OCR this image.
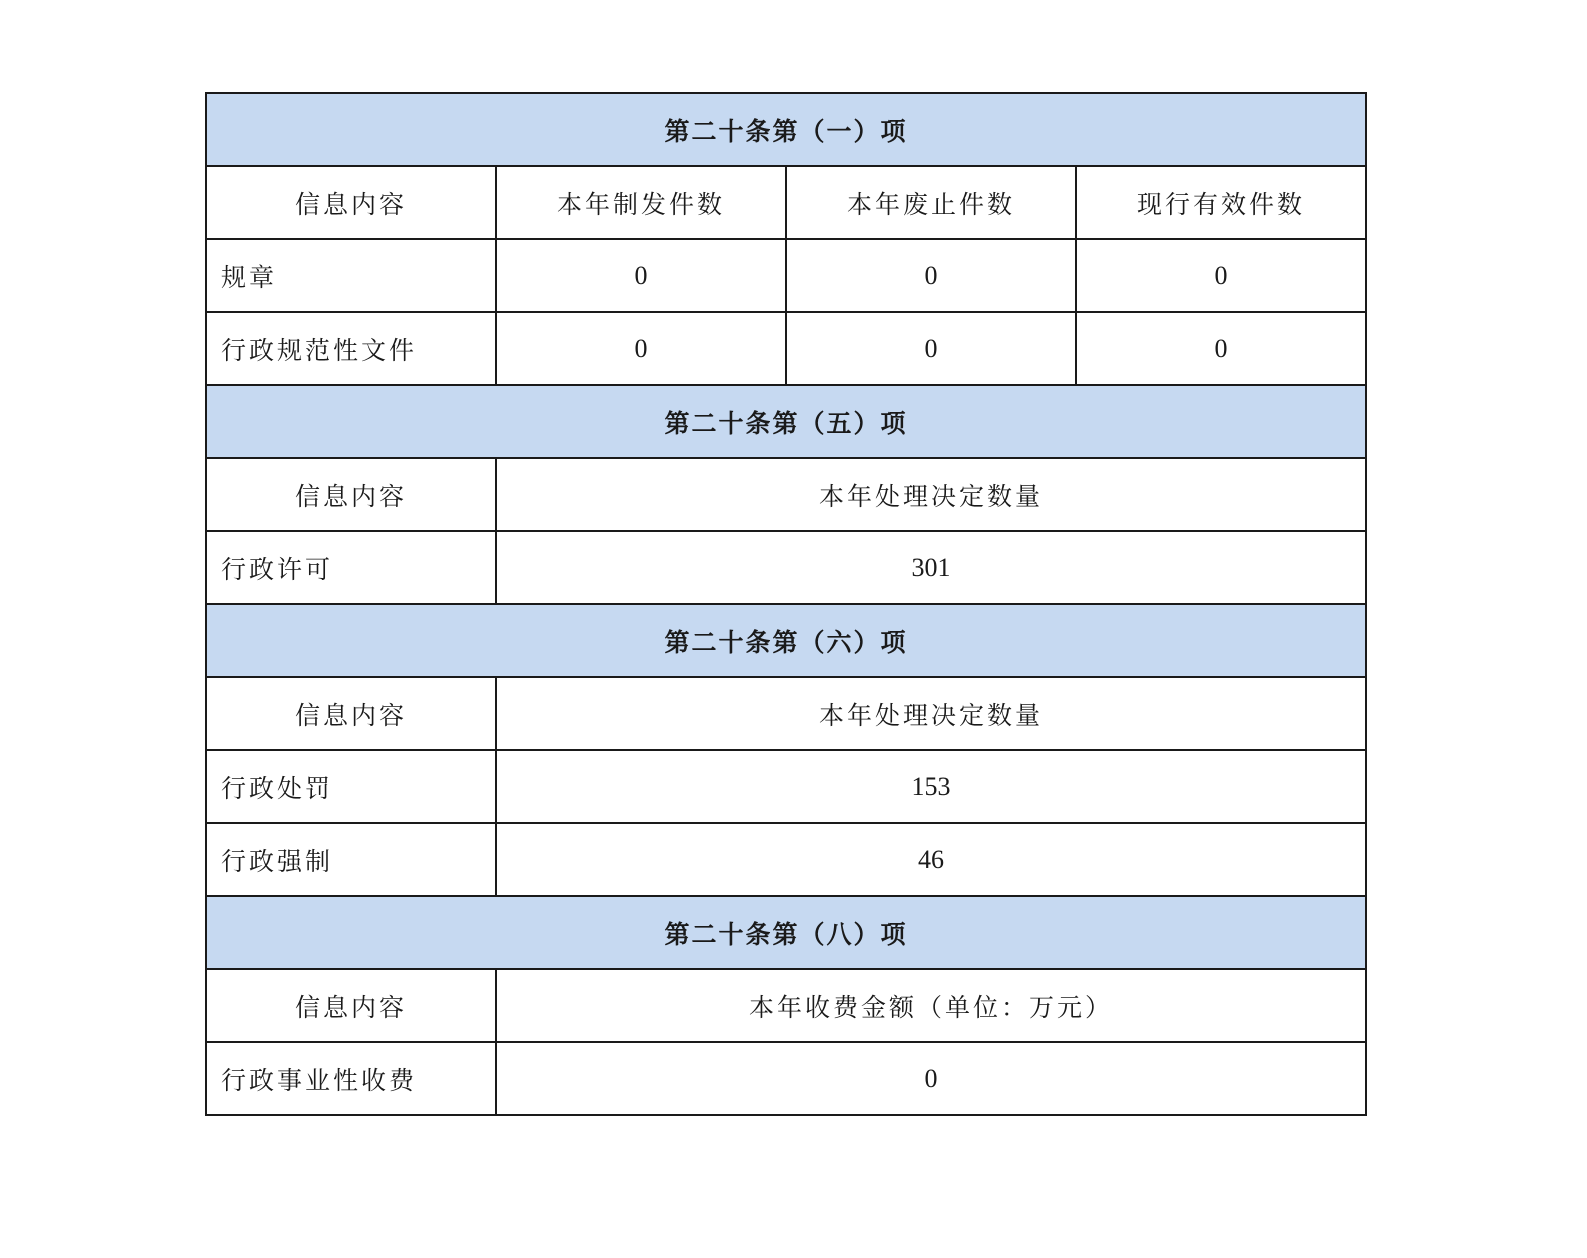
第二十条第（一）项			
信息内容	本年制发件数	本年废止件数	现行有效件数
规章	0	0	0
行政规范性文件	0	0	0
第二十条第（五）项			
信息内容	本年处理决定数量		
行政许可	301		
第二十条第（六）项			
信息内容	本年处理决定数量		
行政处罚	153		
行政强制	46		
第二十条第（八）项			
信息内容	本年收费金额（单位：万元）		
行政事业性收费	0		
